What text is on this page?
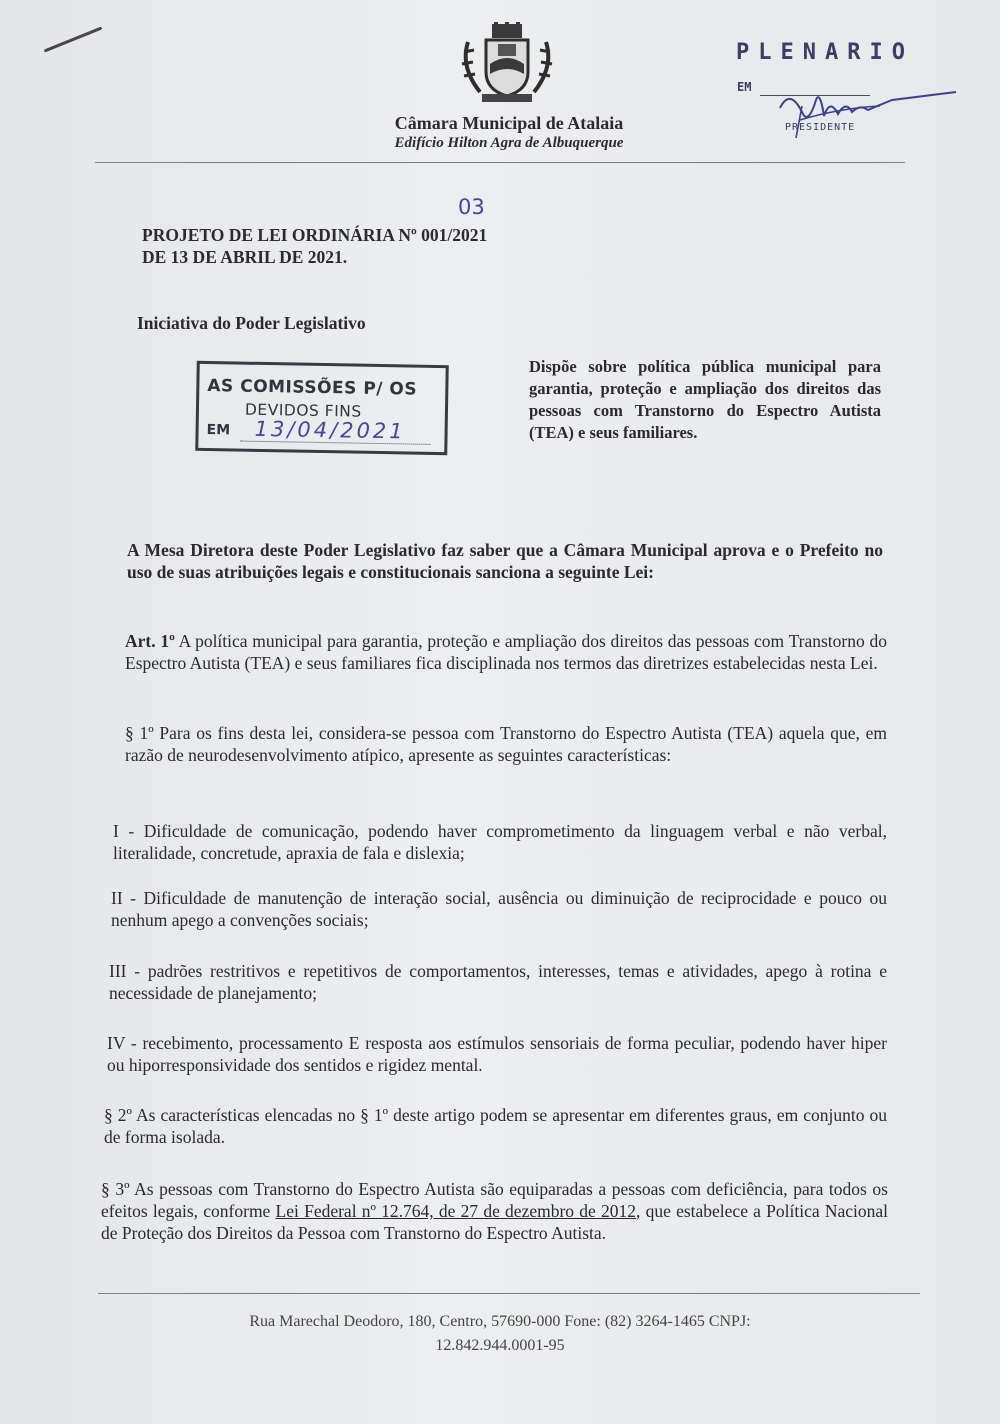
Câmara Municipal de Atalaia
Edifício Hilton Agra de Albuquerque
PLENARIO
EM
PRESIDENTE
PROJETO DE LEI ORDINÁRIA Nº 001/2021
DE 13 DE ABRIL DE 2021.
03
Iniciativa do Poder Legislativo
AS COMISSÕES P/ OS
DEVIDOS FINS
EM 13/04/2021
Dispõe sobre política pública municipal para garantia, proteção e ampliação dos direitos das pessoas com Transtorno do Espectro Autista (TEA) e seus familiares.
A Mesa Diretora deste Poder Legislativo faz saber que a Câmara Municipal aprova e o Prefeito no uso de suas atribuições legais e constitucionais sanciona a seguinte Lei:
Art. 1º A política municipal para garantia, proteção e ampliação dos direitos das pessoas com Transtorno do Espectro Autista (TEA) e seus familiares fica disciplinada nos termos das diretrizes estabelecidas nesta Lei.
§ 1º Para os fins desta lei, considera-se pessoa com Transtorno do Espectro Autista (TEA) aquela que, em razão de neurodesenvolvimento atípico, apresente as seguintes características:
I - Dificuldade de comunicação, podendo haver comprometimento da linguagem verbal e não verbal, literalidade, concretude, apraxia de fala e dislexia;
II - Dificuldade de manutenção de interação social, ausência ou diminuição de reciprocidade e pouco ou nenhum apego a convenções sociais;
III - padrões restritivos e repetitivos de comportamentos, interesses, temas e atividades, apego à rotina e necessidade de planejamento;
IV - recebimento, processamento E resposta aos estímulos sensoriais de forma peculiar, podendo haver hiper ou hiporresponsividade dos sentidos e rigidez mental.
§ 2º As características elencadas no § 1º deste artigo podem se apresentar em diferentes graus, em conjunto ou de forma isolada.
§ 3º As pessoas com Transtorno do Espectro Autista são equiparadas a pessoas com deficiência, para todos os efeitos legais, conforme Lei Federal nº 12.764, de 27 de dezembro de 2012, que estabelece a Política Nacional de Proteção dos Direitos da Pessoa com Transtorno do Espectro Autista.
Rua Marechal Deodoro, 180, Centro, 57690-000 Fone: (82) 3264-1465 CNPJ:
12.842.944.0001-95
